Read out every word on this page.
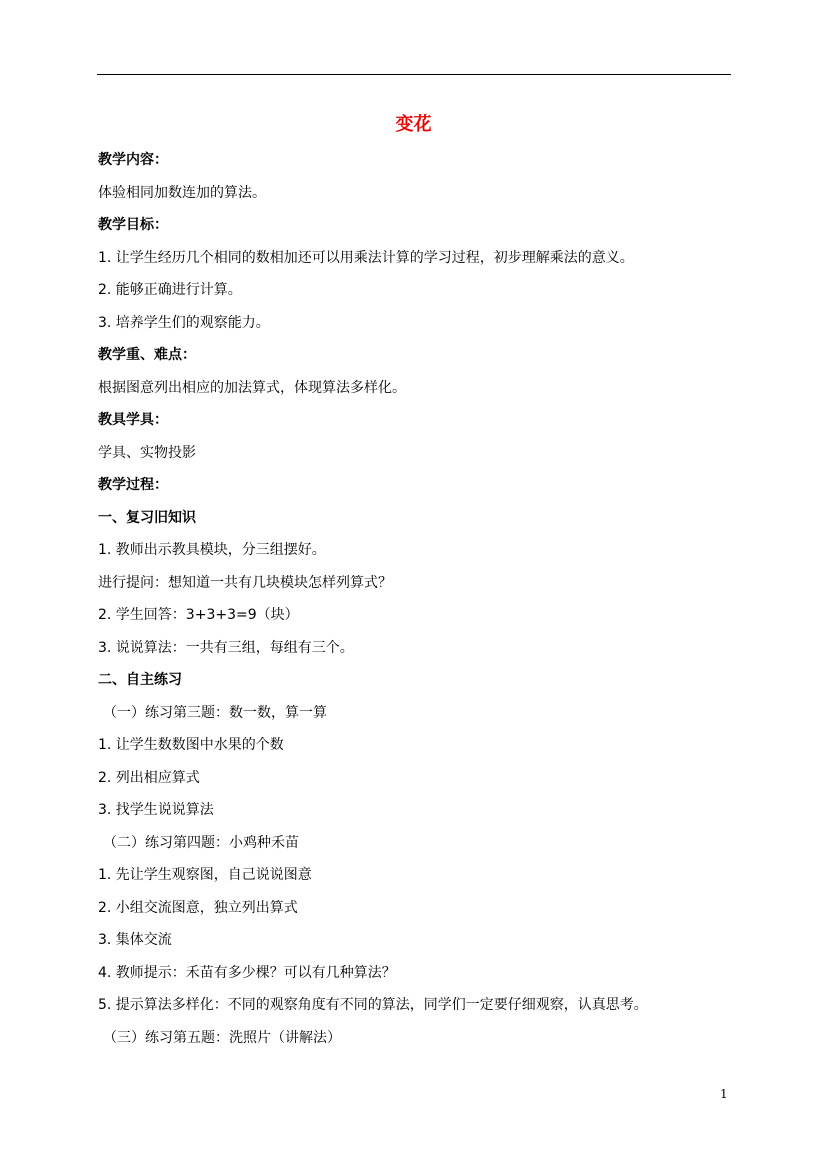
变花
教学内容：
体验相同加数连加的算法。
教学目标：
1. 让学生经历几个相同的数相加还可以用乘法计算的学习过程，初步理解乘法的意义。
2. 能够正确进行计算。
3. 培养学生们的观察能力。
教学重、难点：
根据图意列出相应的加法算式，体现算法多样化。
教具学具：
学具、实物投影
教学过程：
一、复习旧知识
1. 教师出示教具模块，分三组摆好。
进行提问：想知道一共有几块模块怎样列算式？
2. 学生回答：3+3+3=9（块）
3. 说说算法：一共有三组，每组有三个。
二、自主练习
（一）练习第三题：数一数，算一算
1. 让学生数数图中水果的个数
2. 列出相应算式
3. 找学生说说算法
（二）练习第四题：小鸡种禾苗
1. 先让学生观察图，自己说说图意
2. 小组交流图意，独立列出算式
3. 集体交流
4. 教师提示：禾苗有多少棵？可以有几种算法？
5. 提示算法多样化：不同的观察角度有不同的算法，同学们一定要仔细观察，认真思考。
（三）练习第五题：洗照片（讲解法）
1
